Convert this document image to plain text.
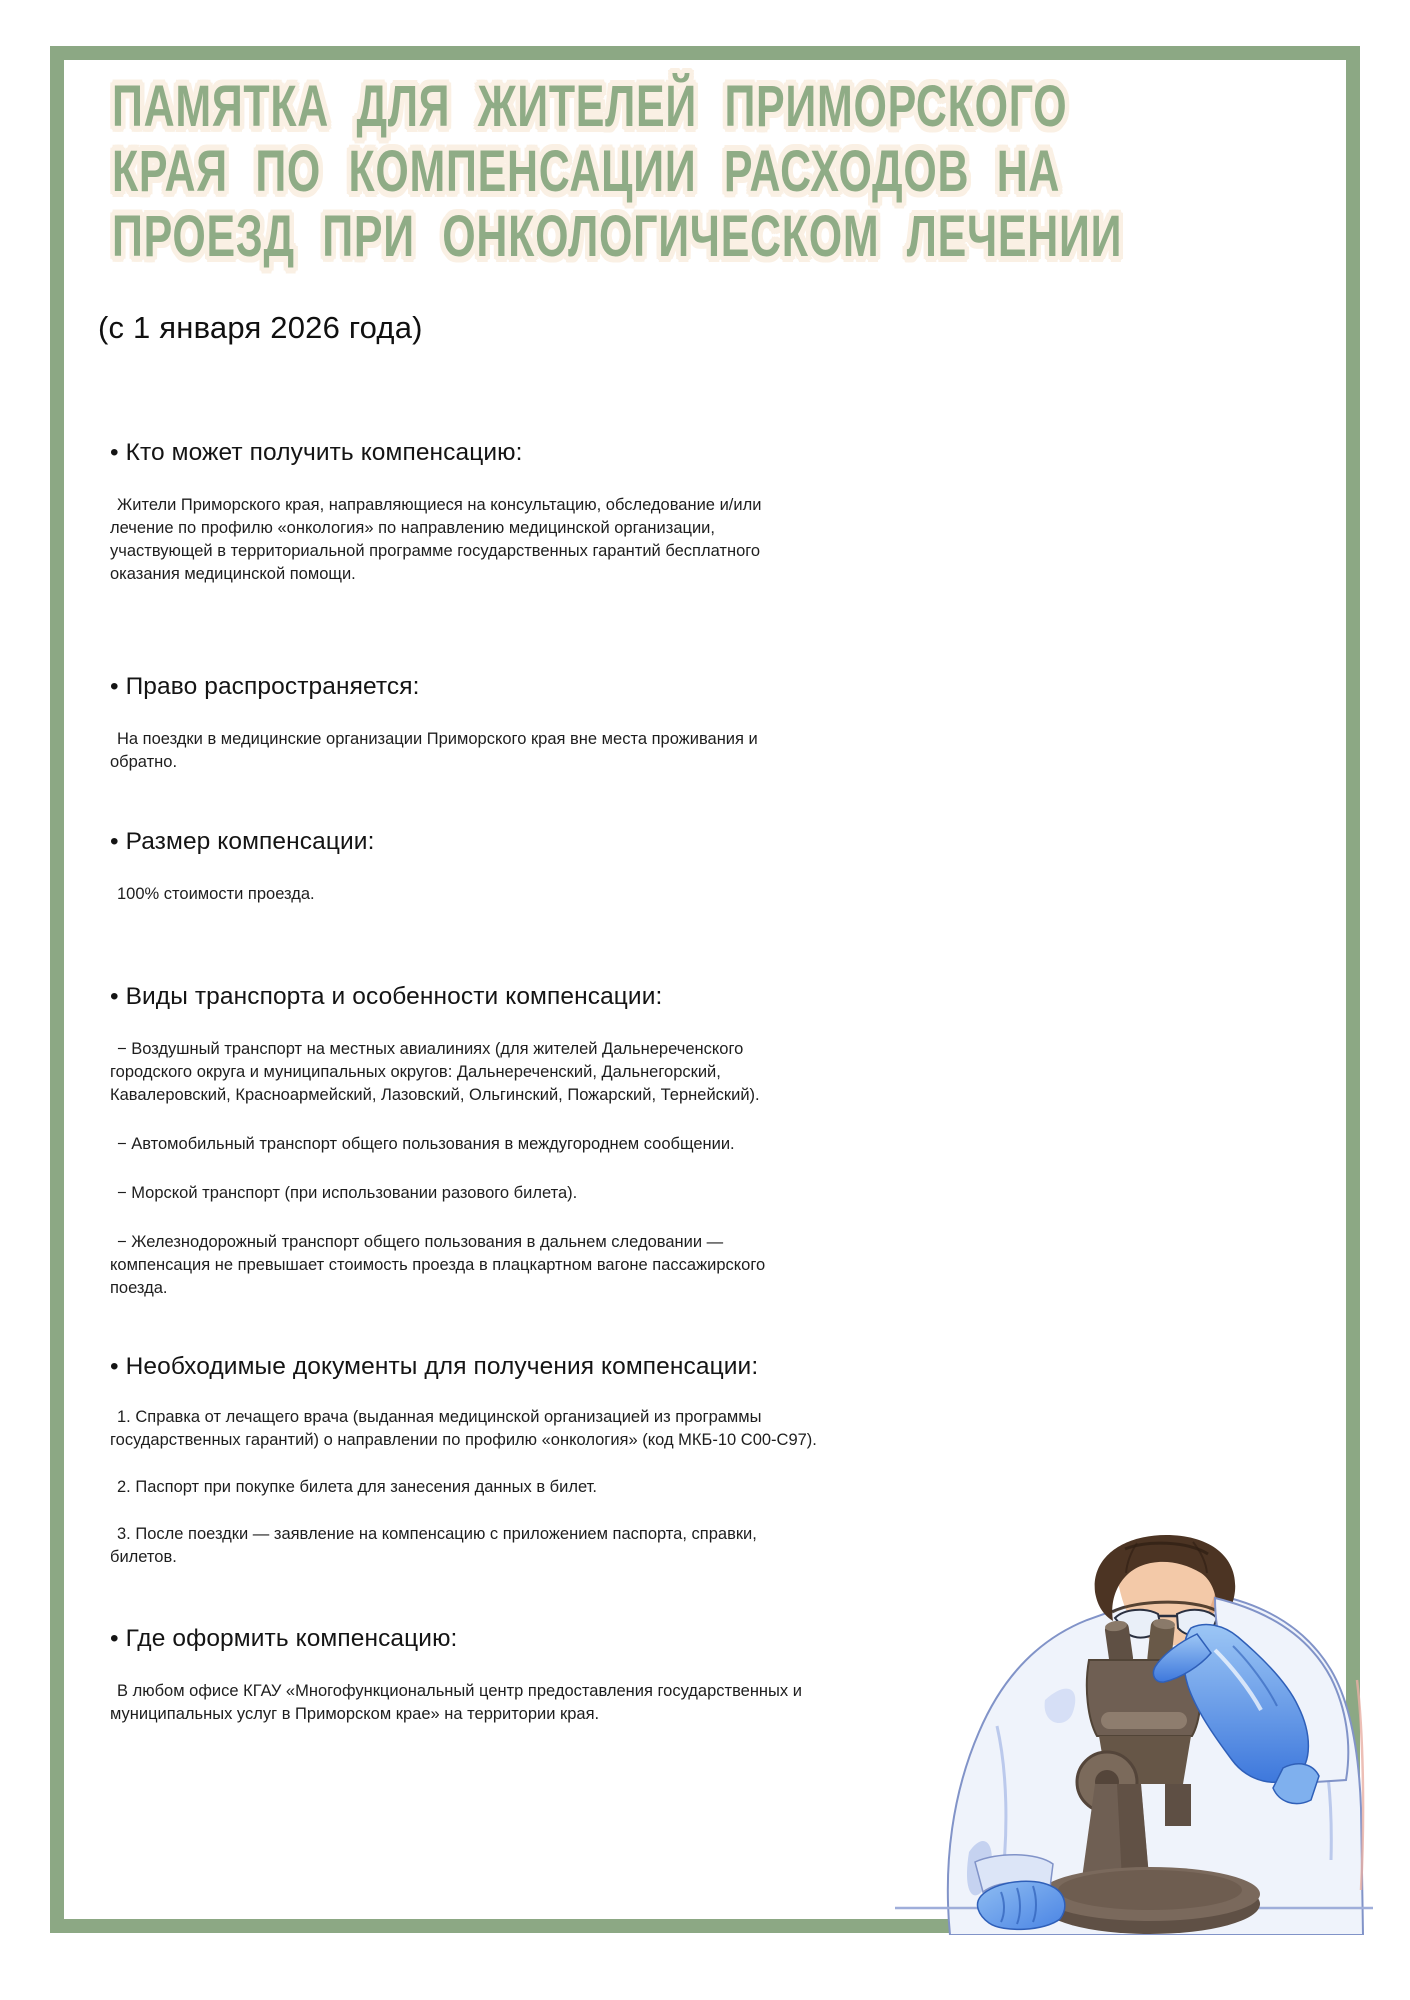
ПАМЯТКА ДЛЯ ЖИТЕЛЕЙ ПРИМОРСКОГО
КРАЯ ПО КОМПЕНСАЦИИ РАСХОДОВ НА
ПРОЕЗД ПРИ ОНКОЛОГИЧЕСКОМ ЛЕЧЕНИИ
(с 1 января 2026 года)
• Кто может получить компенсацию:
Жители Приморского края, направляющиеся на консультацию, обследование и/или лечение по профилю «онкология» по направлению медицинской организации, участвующей в территориальной программе государственных гарантий бесплатного оказания медицинской помощи.
• Право распространяется:
На поездки в медицинские организации Приморского края вне места проживания и обратно.
• Размер компенсации:
100% стоимости проезда.
• Виды транспорта и особенности компенсации:
− Воздушный транспорт на местных авиалиниях (для жителей Дальнереченского городского округа и муниципальных округов: Дальнереченский, Дальнегорский, Кавалеровский, Красноармейский, Лазовский, Ольгинский, Пожарский, Тернейский).
− Автомобильный транспорт общего пользования в междугороднем сообщении.
− Морской транспорт (при использовании разового билета).
− Железнодорожный транспорт общего пользования в дальнем следовании — компенсация не превышает стоимость проезда в плацкартном вагоне пассажирского поезда.
• Необходимые документы для получения компенсации:
1. Справка от лечащего врача (выданная медицинской организацией из программы государственных гарантий) о направлении по профилю «онкология» (код МКБ-10 C00-C97).
2. Паспорт при покупке билета для занесения данных в билет.
3. После поездки — заявление на компенсацию с приложением паспорта, справки, билетов.
• Где оформить компенсацию:
В любом офисе КГАУ «Многофункциональный центр предоставления государственных и муниципальных услуг в Приморском крае» на территории края.
